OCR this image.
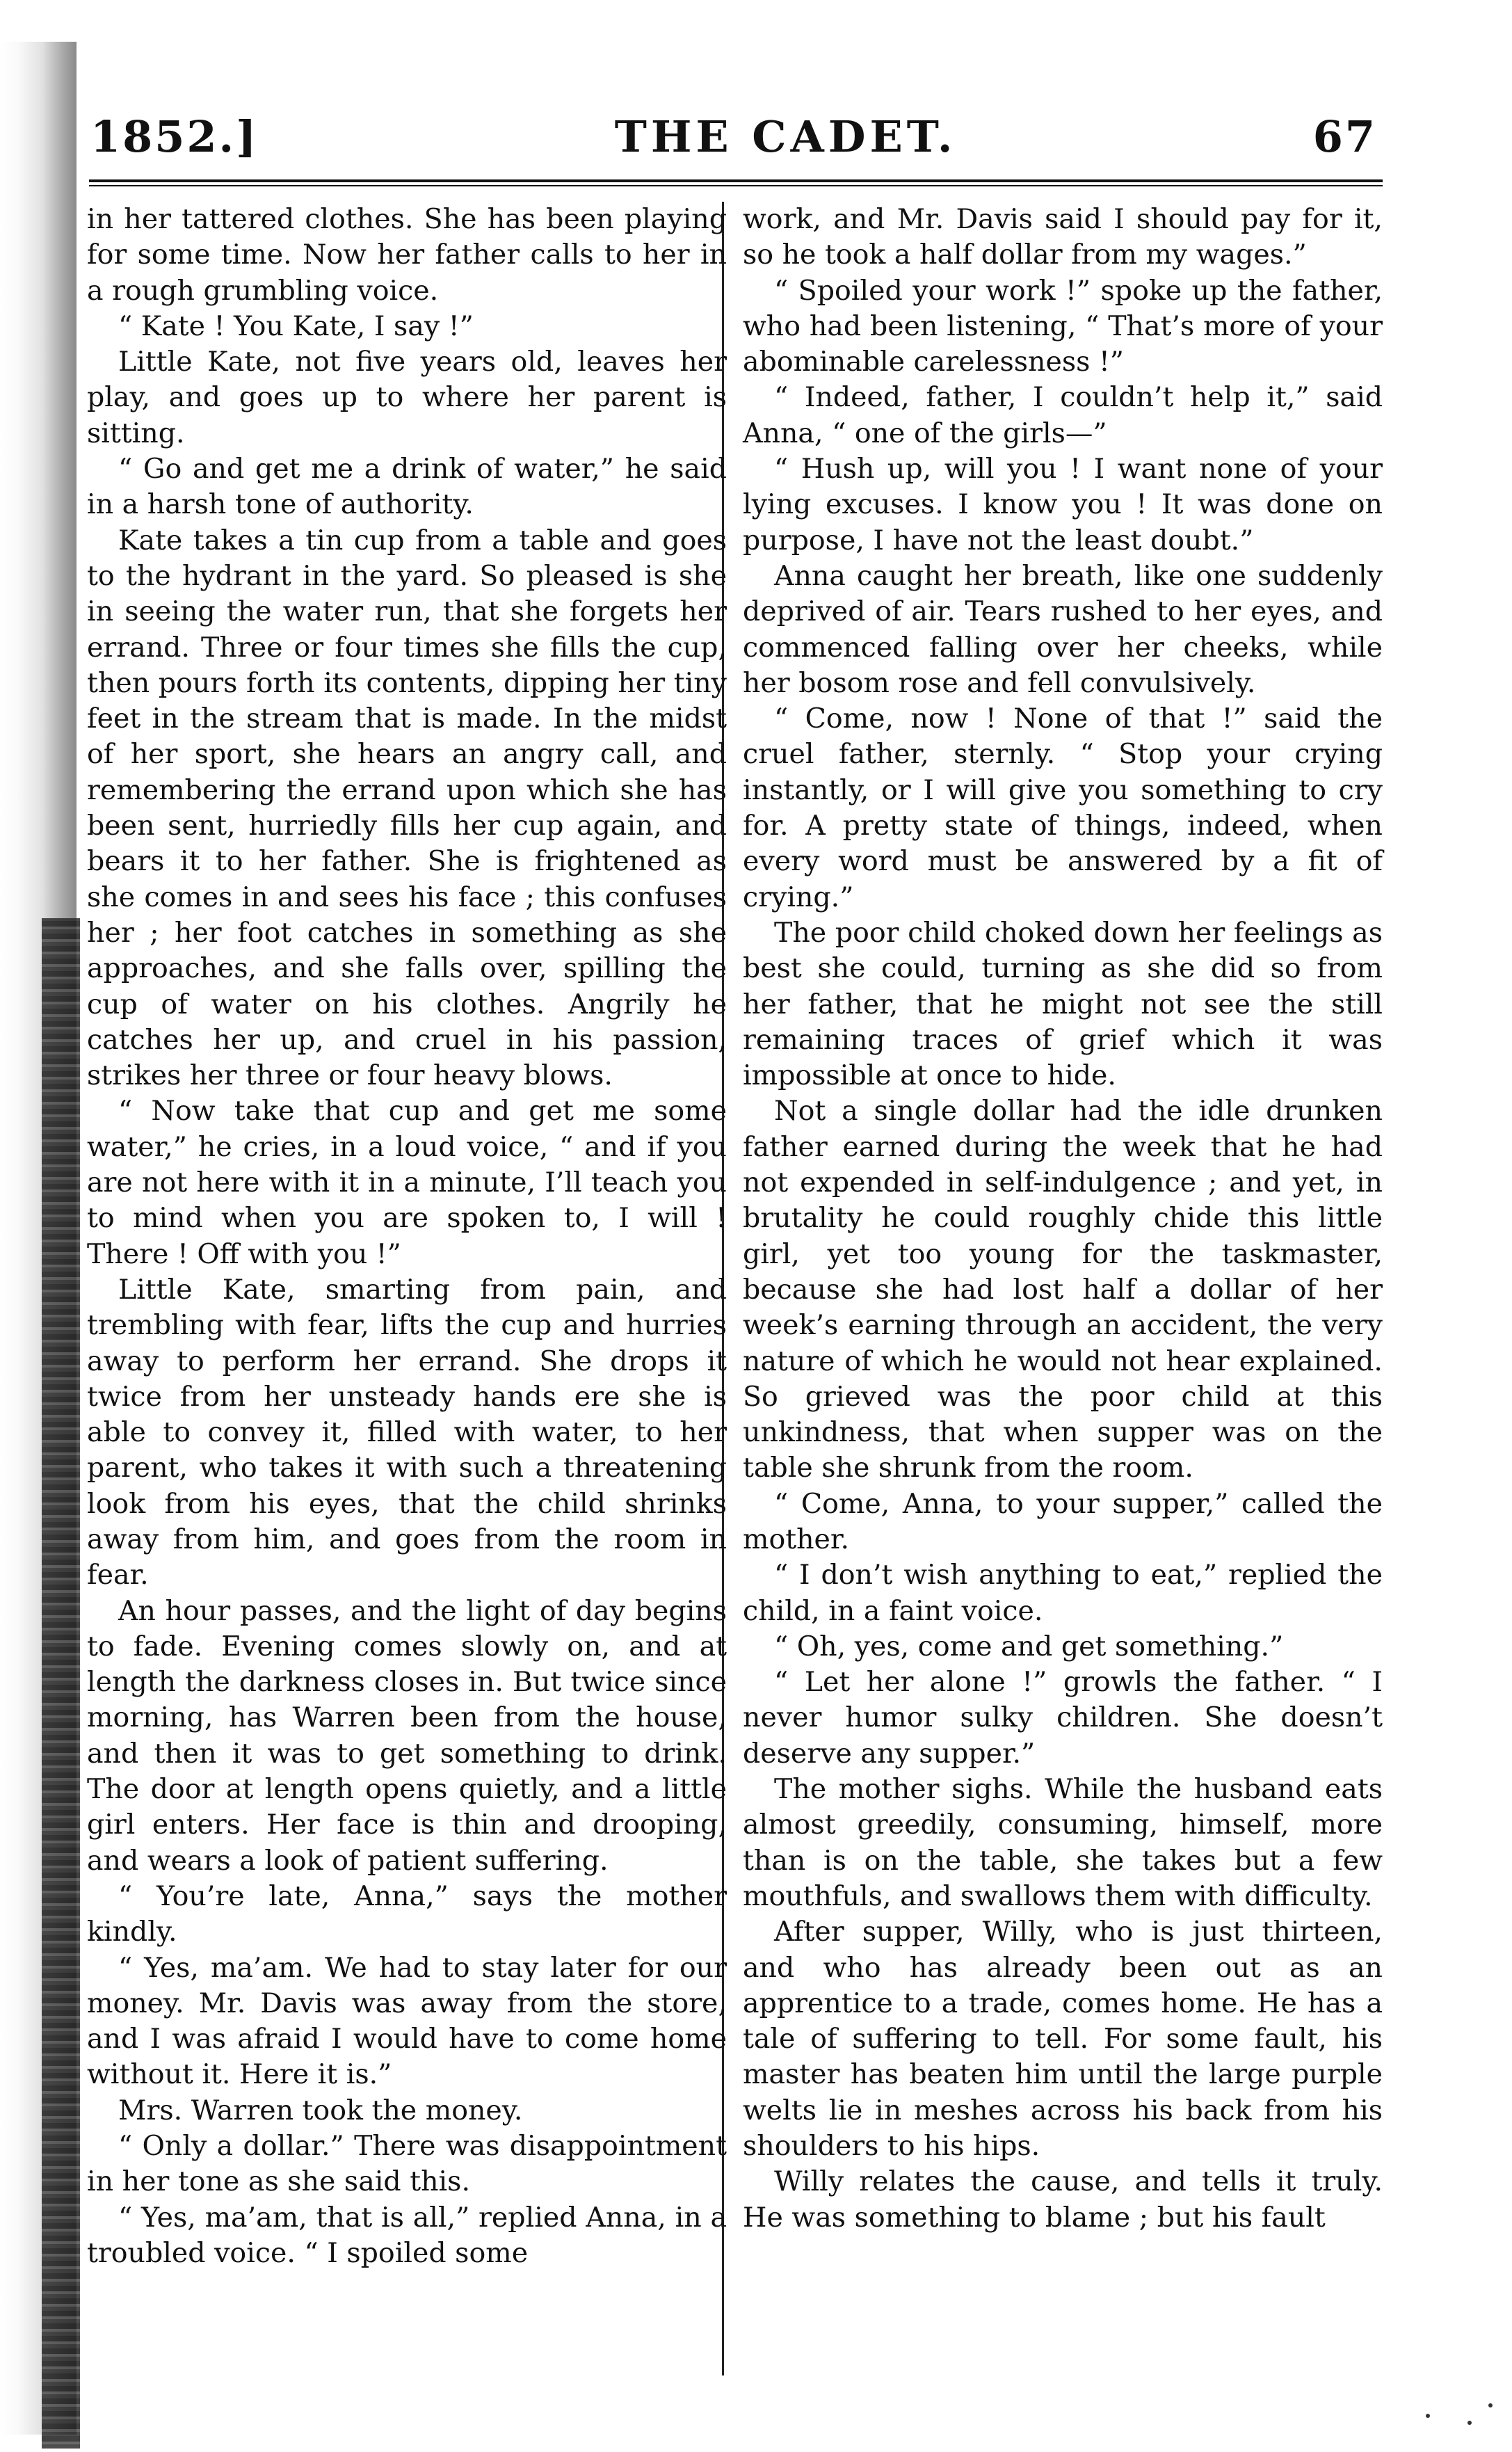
1852.]	THE CADET.	67

in her tattered clothes. She has been playing for some time. Now her father calls to her in a rough grumbling voice.

“ Kate ! You Kate, I say !”

Little Kate, not five years old, leaves her play, and goes up to where her parent is sitting.

“ Go and get me a drink of water,” he said in a harsh tone of authority.

Kate takes a tin cup from a table and goes to the hydrant in the yard. So pleased is she in seeing the water run, that she forgets her errand. Three or four times she fills the cup, then pours forth its contents, dipping her tiny feet in the stream that is made. In the midst of her sport, she hears an angry call, and remembering the errand upon which she has been sent, hurriedly fills her cup again, and bears it to her father. She is frightened as she comes in and sees his face ; this confuses her ; her foot catches in something as she approaches, and she falls over, spilling the cup of water on his clothes. Angrily he catches her up, and cruel in his passion, strikes her three or four heavy blows.

“ Now take that cup and get me some water,” he cries, in a loud voice, “ and if you are not here with it in a minute, I’ll teach you to mind when you are spoken to, I will ! There ! Off with you !”

Little Kate, smarting from pain, and trembling with fear, lifts the cup and hurries away to perform her errand. She drops it twice from her unsteady hands ere she is able to convey it, filled with water, to her parent, who takes it with such a threatening look from his eyes, that the child shrinks away from him, and goes from the room in fear.

An hour passes, and the light of day begins to fade. Evening comes slowly on, and at length the darkness closes in. But twice since morning, has Warren been from the house, and then it was to get something to drink. The door at length opens quietly, and a little girl enters. Her face is thin and drooping, and wears a look of patient suffering.

“ You’re late, Anna,” says the mother kindly.

“ Yes, ma’am. We had to stay later for our money. Mr. Davis was away from the store, and I was afraid I would have to come home without it. Here it is.”

Mrs. Warren took the money.

“ Only a dollar.” There was disappointment in her tone as she said this.

“ Yes, ma’am, that is all,” replied Anna, in a troubled voice. “ I spoiled some

work, and Mr. Davis said I should pay for it, so he took a half dollar from my wages.”

“ Spoiled your work !” spoke up the father, who had been listening, “ That’s more of your abominable carelessness !”

“ Indeed, father, I couldn’t help it,” said Anna, “ one of the girls—”

“ Hush up, will you ! I want none of your lying excuses. I know you ! It was done on purpose, I have not the least doubt.”

Anna caught her breath, like one suddenly deprived of air. Tears rushed to her eyes, and commenced falling over her cheeks, while her bosom rose and fell convulsively.

“ Come, now ! None of that !” said the cruel father, sternly. “ Stop your crying instantly, or I will give you something to cry for. A pretty state of things, indeed, when every word must be answered by a fit of crying.”

The poor child choked down her feelings as best she could, turning as she did so from her father, that he might not see the still remaining traces of grief which it was impossible at once to hide.

Not a single dollar had the idle drunken father earned during the week that he had not expended in self-indulgence ; and yet, in brutality he could roughly chide this little girl, yet too young for the taskmaster, because she had lost half a dollar of her week’s earning through an accident, the very nature of which he would not hear explained. So grieved was the poor child at this unkindness, that when supper was on the table she shrunk from the room.

“ Come, Anna, to your supper,” called the mother.

“ I don’t wish anything to eat,” replied the child, in a faint voice.

“ Oh, yes, come and get something.”

“ Let her alone !” growls the father. “ I never humor sulky children. She doesn’t deserve any supper.”

The mother sighs. While the husband eats almost greedily, consuming, himself, more than is on the table, she takes but a few mouthfuls, and swallows them with difficulty.

After supper, Willy, who is just thirteen, and who has already been out as an apprentice to a trade, comes home. He has a tale of suffering to tell. For some fault, his master has beaten him until the large purple welts lie in meshes across his back from his shoulders to his hips.

Willy relates the cause, and tells it truly. He was something to blame ; but his fault
